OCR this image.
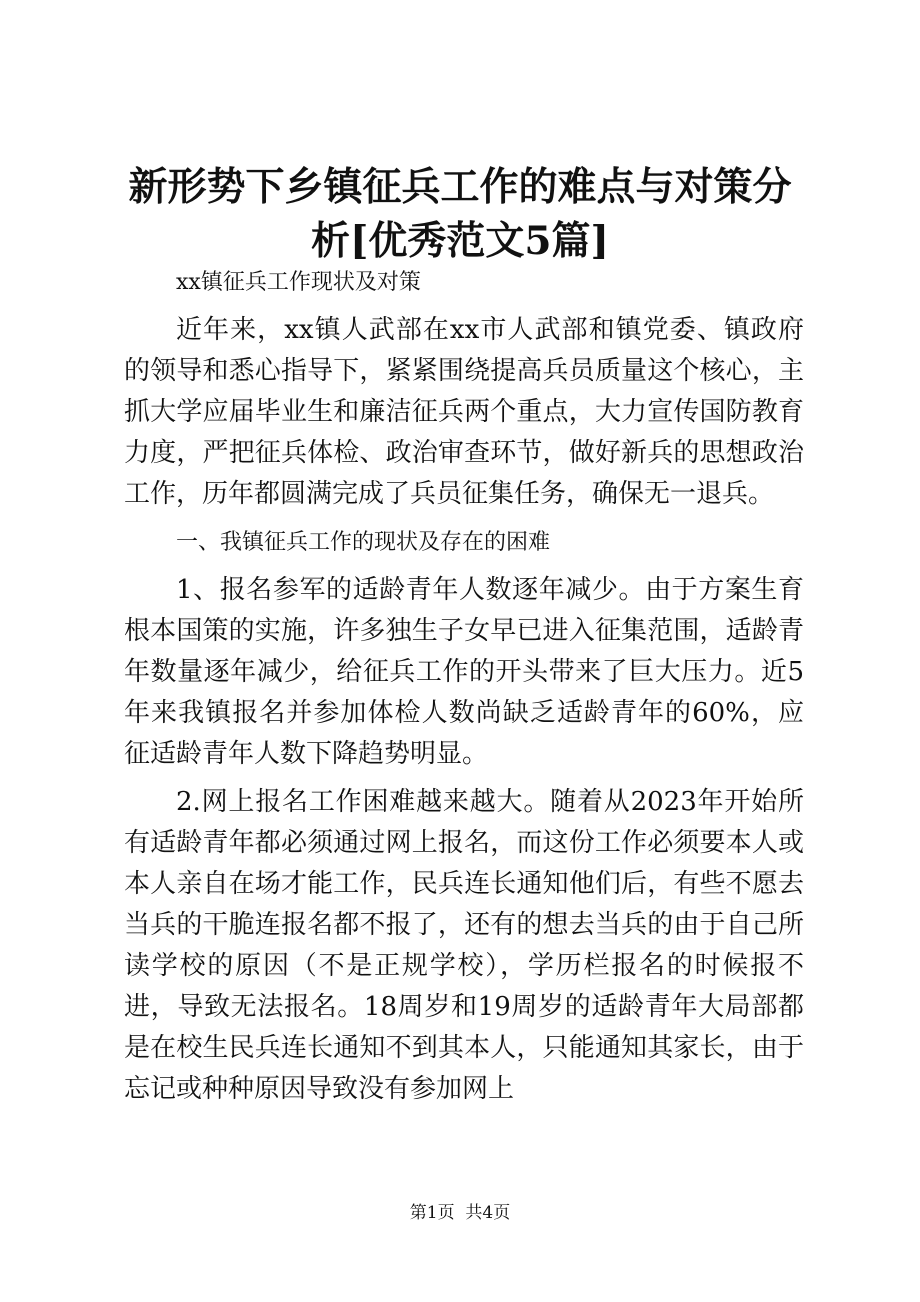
新形势下乡镇征兵工作的难点与对策分析[优秀范文5篇]

xx镇征兵工作现状及对策

近年来，xx镇人武部在xx市人武部和镇党委、镇政府的领导和悉心指导下，紧紧围绕提高兵员质量这个核心，主抓大学应届毕业生和廉洁征兵两个重点，大力宣传国防教育力度，严把征兵体检、政治审查环节，做好新兵的思想政治工作，历年都圆满完成了兵员征集任务，确保无一退兵。

一、我镇征兵工作的现状及存在的困难

1、报名参军的适龄青年人数逐年减少。由于方案生育根本国策的实施，许多独生子女早已进入征集范围，适龄青年数量逐年减少，给征兵工作的开头带来了巨大压力。近5年来我镇报名并参加体检人数尚缺乏适龄青年的60%，应征适龄青年人数下降趋势明显。

2.网上报名工作困难越来越大。随着从2023年开始所有适龄青年都必须通过网上报名，而这份工作必须要本人或本人亲自在场才能工作，民兵连长通知他们后，有些不愿去当兵的干脆连报名都不报了，还有的想去当兵的由于自己所读学校的原因（不是正规学校），学历栏报名的时候报不进，导致无法报名。18周岁和19周岁的适龄青年大局部都是在校生民兵连长通知不到其本人，只能通知其家长，由于忘记或种种原因导致没有参加网上

第1页  共4页
